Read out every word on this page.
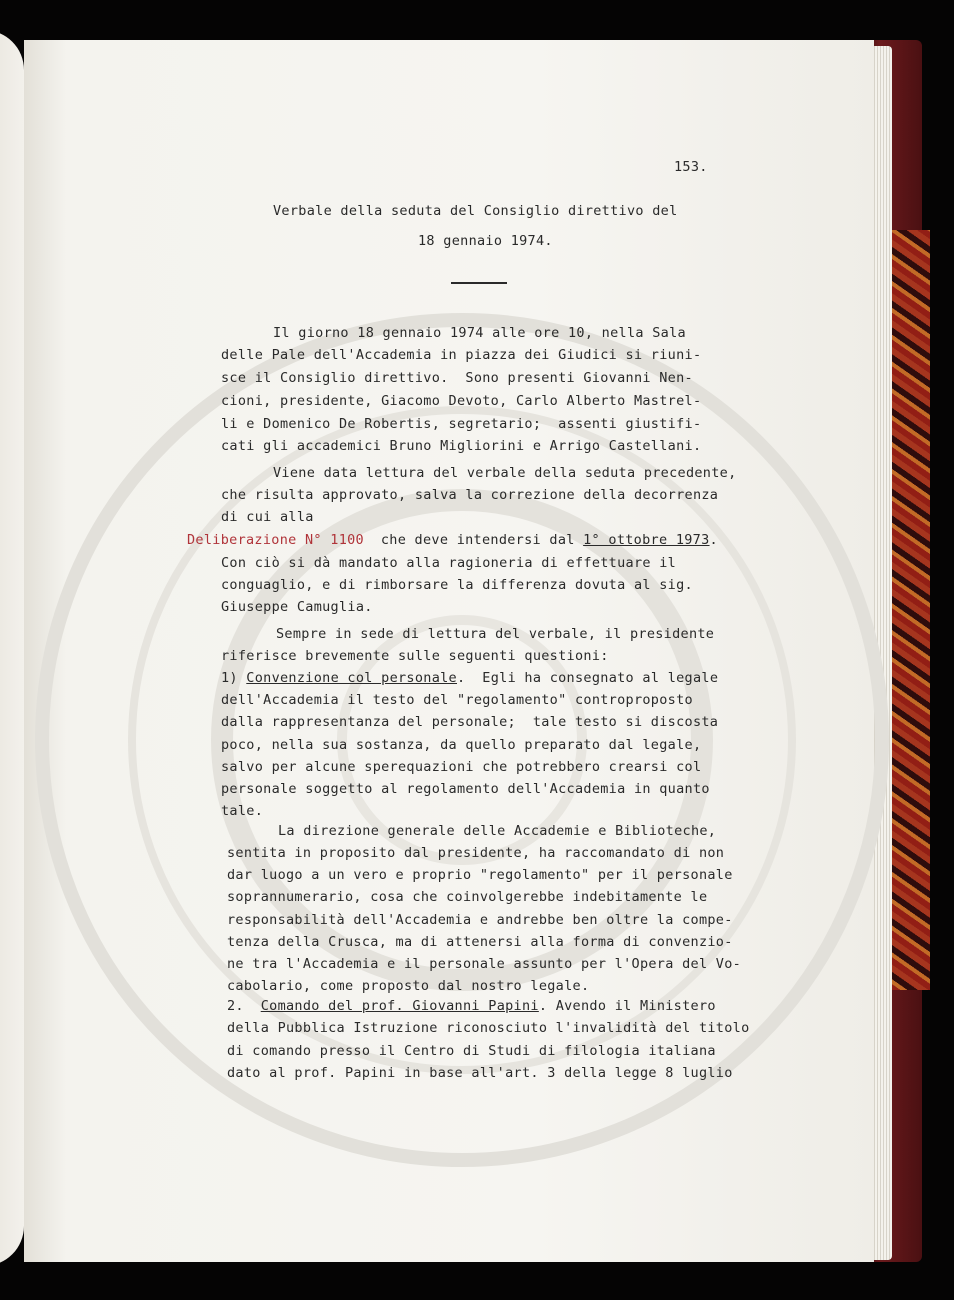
153.
Verbale della seduta del Consiglio direttivo del
18 gennaio 1974.
Il giorno 18 gennaio 1974 alle ore 10, nella Sala
delle Pale dell'Accademia in piazza dei Giudici si riuni-
sce il Consiglio direttivo.  Sono presenti Giovanni Nen-
cioni, presidente, Giacomo Devoto, Carlo Alberto Mastrel-
li e Domenico De Robertis, segretario;  assenti giustifi-
cati gli accademici Bruno Migliorini e Arrigo Castellani.
Viene data lettura del verbale della seduta precedente,
che risulta approvato, salva la correzione della decorrenza
di cui alla
Deliberazione N° 1100  che deve intendersi dal 1° ottobre 1973.
Con ciò si dà mandato alla ragioneria di effettuare il
conguaglio, e di rimborsare la differenza dovuta al sig.
Giuseppe Camuglia.
Sempre in sede di lettura del verbale, il presidente
riferisce brevemente sulle seguenti questioni:
1) Convenzione col personale.  Egli ha consegnato al legale
dell'Accademia il testo del "regolamento" controproposto
dalla rappresentanza del personale;  tale testo si discosta
poco, nella sua sostanza, da quello preparato dal legale,
salvo per alcune sperequazioni che potrebbero crearsi col
personale soggetto al regolamento dell'Accademia in quanto
tale.
La direzione generale delle Accademie e Biblioteche,
sentita in proposito dal presidente, ha raccomandato di non
dar luogo a un vero e proprio "regolamento" per il personale
soprannumerario, cosa che coinvolgerebbe indebitamente le
responsabilità dell'Accademia e andrebbe ben oltre la compe-
tenza della Crusca, ma di attenersi alla forma di convenzio-
ne tra l'Accademia e il personale assunto per l'Opera del Vo-
cabolario, come proposto dal nostro legale.
2.  Comando del prof. Giovanni Papini. Avendo il Ministero
della Pubblica Istruzione riconosciuto l'invalidità del titolo
di comando presso il Centro di Studi di filologia italiana
dato al prof. Papini in base all'art. 3 della legge 8 luglio
